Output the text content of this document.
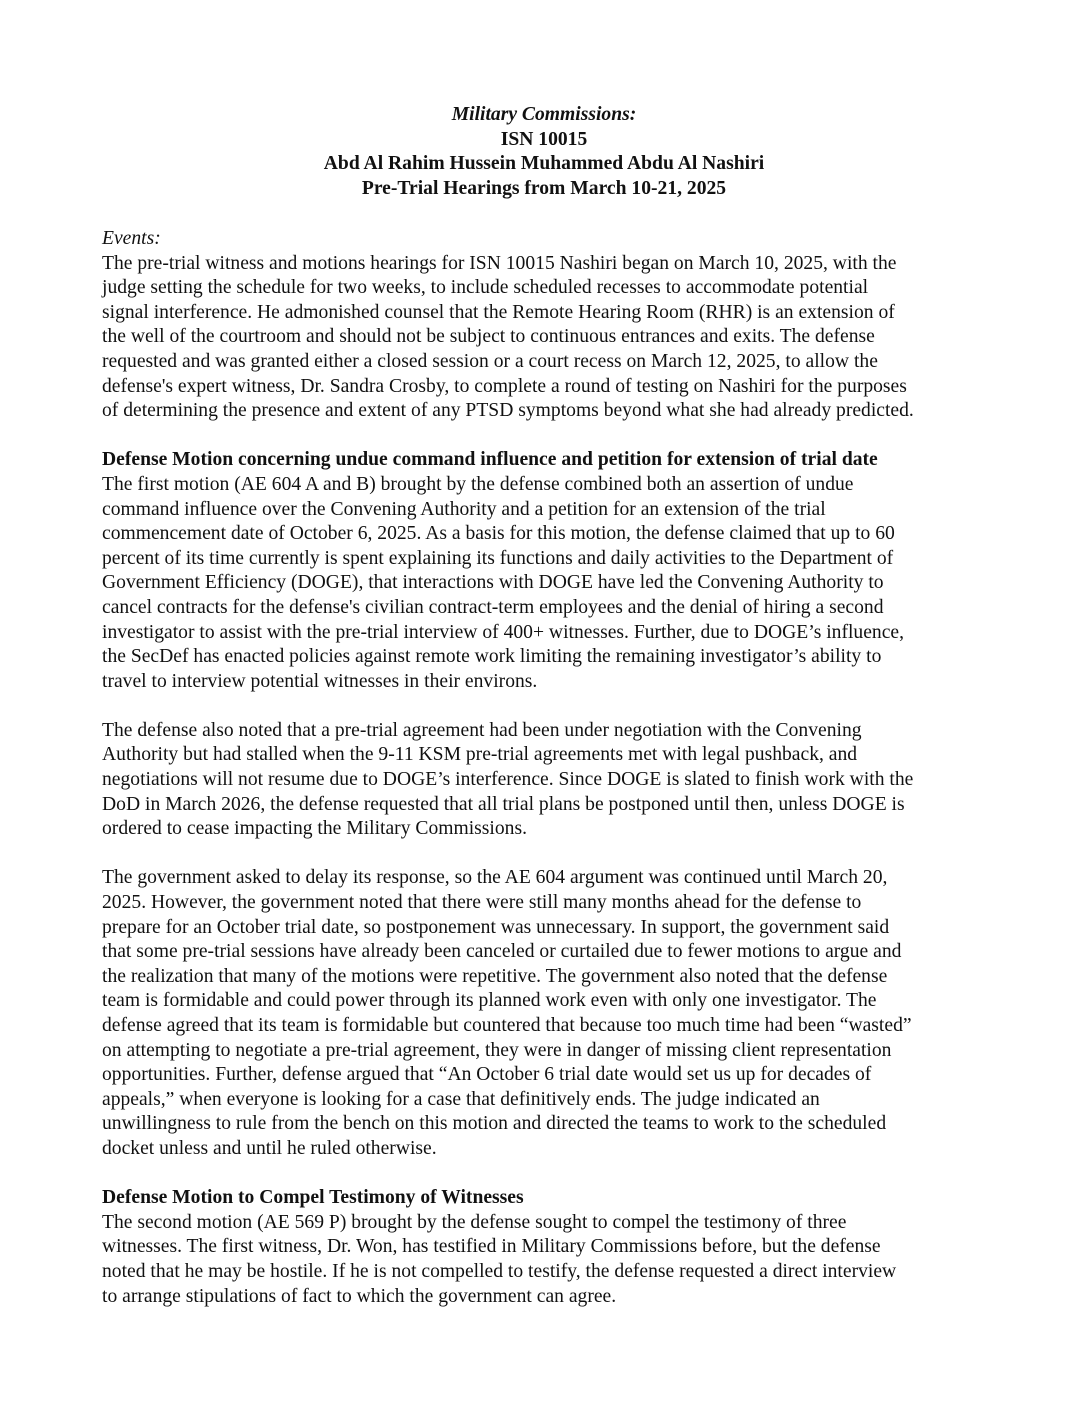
Military Commissions:
ISN 10015
Abd Al Rahim Hussein Muhammed Abdu Al Nashiri
Pre-Trial Hearings from March 10-21, 2025
Events:
The pre-trial witness and motions hearings for ISN 10015 Nashiri began on March 10, 2025, with the
judge setting the schedule for two weeks, to include scheduled recesses to accommodate potential
signal interference. He admonished counsel that the Remote Hearing Room (RHR) is an extension of
the well of the courtroom and should not be subject to continuous entrances and exits. The defense
requested and was granted either a closed session or a court recess on March 12, 2025, to allow the
defense's expert witness, Dr. Sandra Crosby, to complete a round of testing on Nashiri for the purposes
of determining the presence and extent of any PTSD symptoms beyond what she had already predicted.
Defense Motion concerning undue command influence and petition for extension of trial date
The first motion (AE 604 A and B) brought by the defense combined both an assertion of undue
command influence over the Convening Authority and a petition for an extension of the trial
commencement date of October 6, 2025. As a basis for this motion, the defense claimed that up to 60
percent of its time currently is spent explaining its functions and daily activities to the Department of
Government Efficiency (DOGE), that interactions with DOGE have led the Convening Authority to
cancel contracts for the defense's civilian contract-term employees and the denial of hiring a second
investigator to assist with the pre-trial interview of 400+ witnesses. Further, due to DOGE’s influence,
the SecDef has enacted policies against remote work limiting the remaining investigator’s ability to
travel to interview potential witnesses in their environs.
The defense also noted that a pre-trial agreement had been under negotiation with the Convening
Authority but had stalled when the 9-11 KSM pre-trial agreements met with legal pushback, and
negotiations will not resume due to DOGE’s interference. Since DOGE is slated to finish work with the
DoD in March 2026, the defense requested that all trial plans be postponed until then, unless DOGE is
ordered to cease impacting the Military Commissions.
The government asked to delay its response, so the AE 604 argument was continued until March 20,
2025. However, the government noted that there were still many months ahead for the defense to
prepare for an October trial date, so postponement was unnecessary. In support, the government said
that some pre-trial sessions have already been canceled or curtailed due to fewer motions to argue and
the realization that many of the motions were repetitive. The government also noted that the defense
team is formidable and could power through its planned work even with only one investigator. The
defense agreed that its team is formidable but countered that because too much time had been “wasted”
on attempting to negotiate a pre-trial agreement, they were in danger of missing client representation
opportunities. Further, defense argued that “An October 6 trial date would set us up for decades of
appeals,” when everyone is looking for a case that definitively ends. The judge indicated an
unwillingness to rule from the bench on this motion and directed the teams to work to the scheduled
docket unless and until he ruled otherwise.
Defense Motion to Compel Testimony of Witnesses
The second motion (AE 569 P) brought by the defense sought to compel the testimony of three
witnesses. The first witness, Dr. Won, has testified in Military Commissions before, but the defense
noted that he may be hostile. If he is not compelled to testify, the defense requested a direct interview
to arrange stipulations of fact to which the government can agree.
